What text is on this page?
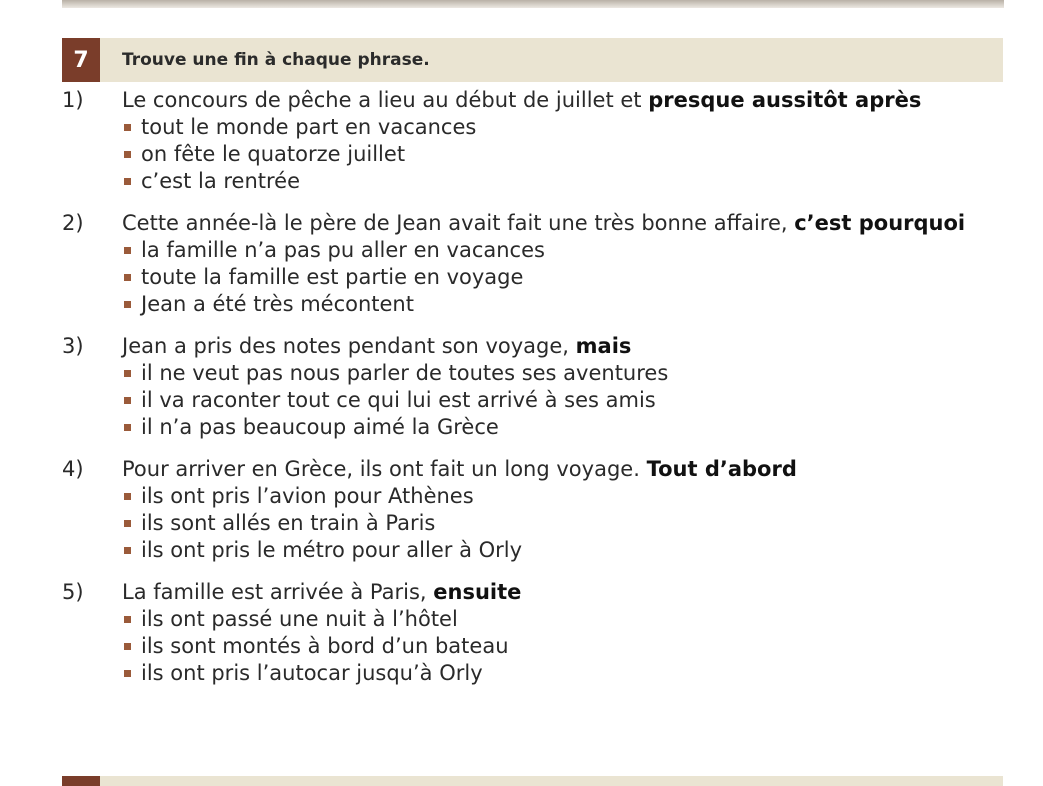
7	Trouve une fin à chaque phrase.
1) Le concours de pêche a lieu au début de juillet et presque aussitôt après
tout le monde part en vacances
on fête le quatorze juillet
c’est la rentrée
2) Cette année-là le père de Jean avait fait une très bonne affaire, c’est pourquoi
la famille n’a pas pu aller en vacances
toute la famille est partie en voyage
Jean a été très mécontent
3) Jean a pris des notes pendant son voyage, mais
il ne veut pas nous parler de toutes ses aventures
il va raconter tout ce qui lui est arrivé à ses amis
il n’a pas beaucoup aimé la Grèce
4) Pour arriver en Grèce, ils ont fait un long voyage. Tout d’abord
ils ont pris l’avion pour Athènes
ils sont allés en train à Paris
ils ont pris le métro pour aller à Orly
5) La famille est arrivée à Paris, ensuite
ils ont passé une nuit à l’hôtel
ils sont montés à bord d’un bateau
ils ont pris l’autocar jusqu’à Orly
